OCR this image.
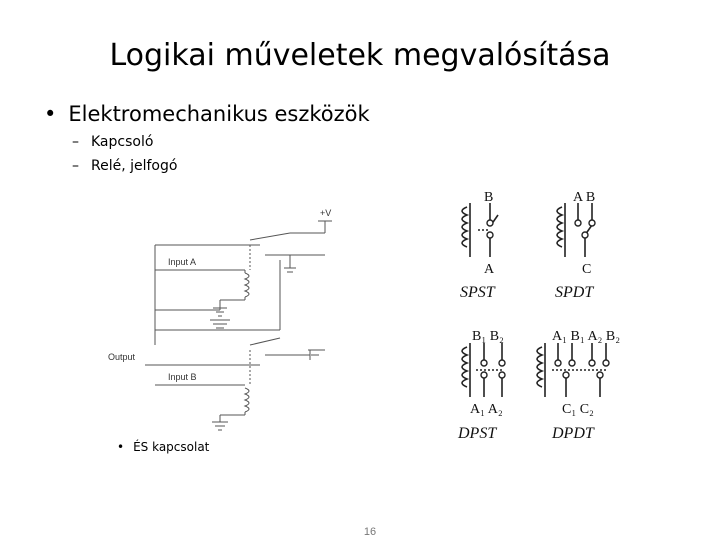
Logikai műveletek megvalósítása
• Elektromechanikus eszközök
– Kapcsoló
– Relé, jelfogó
+V
Input A
Output
Input B
• ÉS kapcsolat
B
A
SPST
A B
C
SPDT
B₁ B₂
A₁ A₂
DPST
A₁ B₁ A₂ B₂
C₁ C₂
DPDT
16
